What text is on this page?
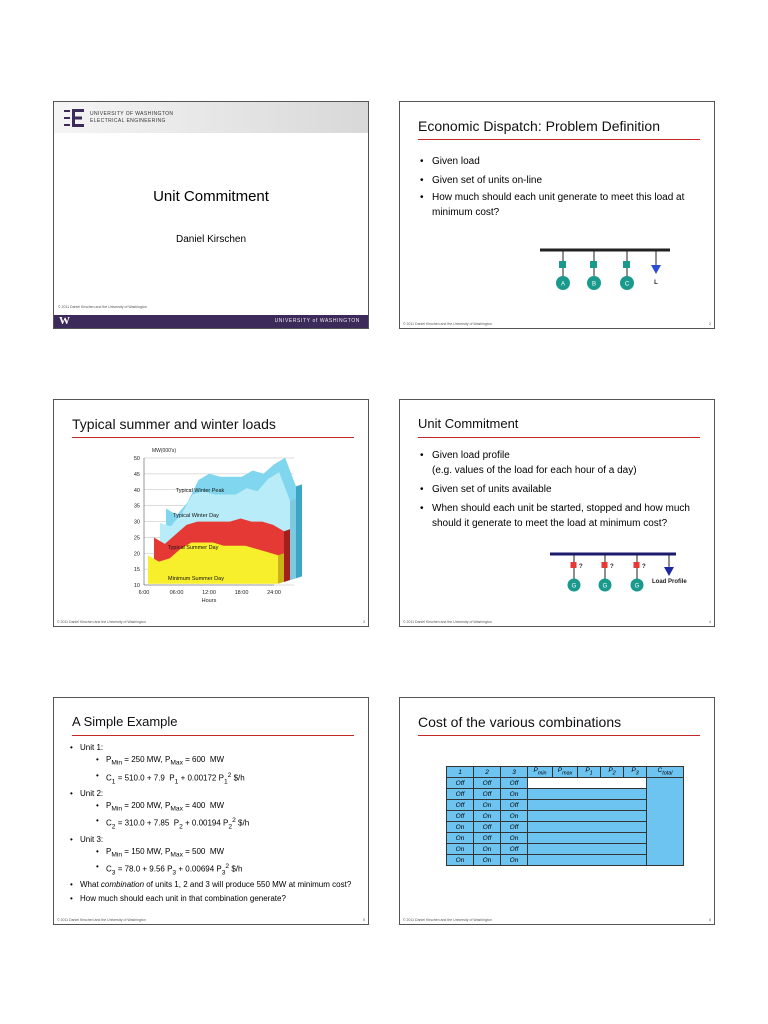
UNIVERSITY OF WASHINGTON
ELECTRICAL ENGINEERING
Unit Commitment
Daniel Kirschen
© 2011 Daniel Kirschen and the University of Washington
W	UNIVERSITY of WASHINGTON
Economic Dispatch: Problem Definition
• Given load
• Given set of units on-line
• How much should each unit generate to meet this load at minimum cost?
A	B	C	L
© 2011 Daniel Kirschen and the University of Washington	2
Typical summer and winter loads
10
15
20
25
30
35
40
45
50
Typical Winter Peak
Typical Winter Day
Typical Summer Day
Minimum Summer Day
6:00	06:00	12:00	18:00	24:00
Hours
MW(000's)
© 2011 Daniel Kirschen and the University of Washington	3
Unit Commitment
• Given load profile
(e.g. values of the load for each hour of a day)
• Given set of units available
• When should each unit be started, stopped and how much should it generate to meet the load at minimum cost?
?	?	?
G	G	G
Load Profile
© 2011 Daniel Kirschen and the University of Washington	4
A Simple Example
• Unit 1:
• $P_{Min} = 250$ MW, $P_{Max} = 600$  MW
• $C_1 = 510.0 + 7.9$  $P_1 + 0.00172$ $P_1^2$ $/h
• Unit 2:
• $P_{Min} = 200$ MW, $P_{Max} = 400$  MW
• $C_2 = 310.0 + 7.85$  $P_2 + 0.00194$ $P_2^2$ $/h
• Unit 3:
• $P_{Min} = 150$ MW, $P_{Max} = 500$  MW
• $C_3 = 78.0 + 9.56$ $P_3 + 0.00694$ $P_3^2$ $/h
• What combination of units 1, 2 and 3 will produce 550 MW at minimum cost?
• How much should each unit in that combination generate?
© 2011 Daniel Kirschen and the University of Washington	5
Cost of the various combinations
1	2	3	$P_{min}$	$P_{max}$	$P_1$	$P_2$	$P_3$	$C_{total}$
Off	Off	Off						
Off	Off	On						
Off	On	Off						
Off	On	On						
On	Off	Off						
On	Off	On						
On	On	Off						
On	On	On						
© 2011 Daniel Kirschen and the University of Washington	6
